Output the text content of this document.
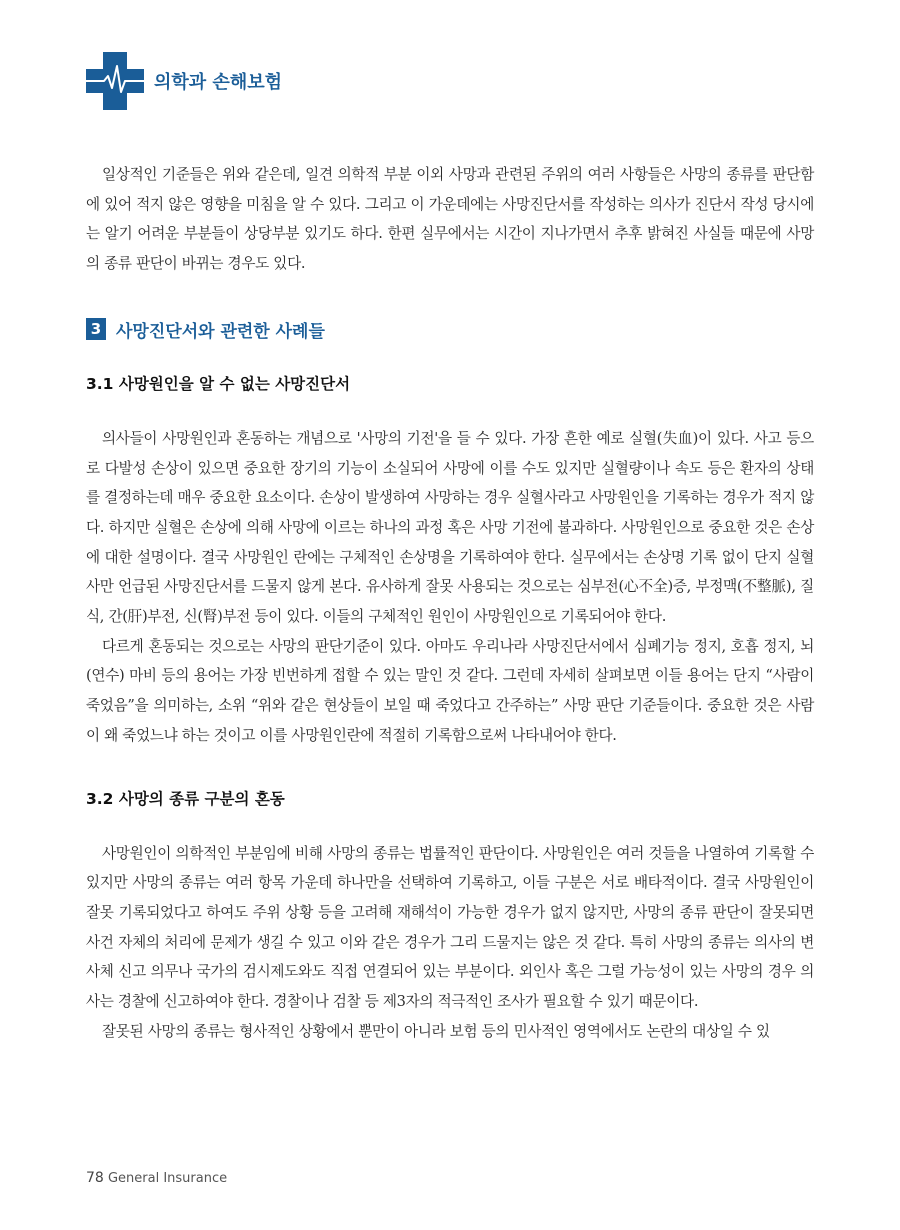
의학과 손해보험

일상적인 기준들은 위와 같은데, 일견 의학적 부분 이외 사망과 관련된 주위의 여러 사항들은 사망의 종류를 판단함에 있어 적지 않은 영향을 미침을 알 수 있다. 그리고 이 가운데에는 사망진단서를 작성하는 의사가 진단서 작성 당시에는 알기 어려운 부분들이 상당부분 있기도 하다. 한편 실무에서는 시간이 지나가면서 추후 밝혀진 사실들 때문에 사망의 종류 판단이 바뀌는 경우도 있다.

3 사망진단서와 관련한 사례들
3.1 사망원인을 알 수 없는 사망진단서

의사들이 사망원인과 혼동하는 개념으로 '사망의 기전'을 들 수 있다. 가장 흔한 예로 실혈(失血)이 있다. 사고 등으로 다발성 손상이 있으면 중요한 장기의 기능이 소실되어 사망에 이를 수도 있지만 실혈량이나 속도 등은 환자의 상태를 결정하는데 매우 중요한 요소이다. 손상이 발생하여 사망하는 경우 실혈사라고 사망원인을 기록하는 경우가 적지 않다. 하지만 실혈은 손상에 의해 사망에 이르는 하나의 과정 혹은 사망 기전에 불과하다. 사망원인으로 중요한 것은 손상에 대한 설명이다. 결국 사망원인 란에는 구체적인 손상명을 기록하여야 한다. 실무에서는 손상명 기록 없이 단지 실혈사만 언급된 사망진단서를 드물지 않게 본다. 유사하게 잘못 사용되는 것으로는 심부전(心不全)증, 부정맥(不整脈), 질식, 간(肝)부전, 신(腎)부전 등이 있다. 이들의 구체적인 원인이 사망원인으로 기록되어야 한다.

다르게 혼동되는 것으로는 사망의 판단기준이 있다. 아마도 우리나라 사망진단서에서 심폐기능 정지, 호흡 정지, 뇌 (연수) 마비 등의 용어는 가장 빈번하게 접할 수 있는 말인 것 같다. 그런데 자세히 살펴보면 이들 용어는 단지 “사람이 죽었음”을 의미하는, 소위 “위와 같은 현상들이 보일 때 죽었다고 간주하는” 사망 판단 기준들이다. 중요한 것은 사람이 왜 죽었느냐 하는 것이고 이를 사망원인란에 적절히 기록함으로써 나타내어야 한다.

3.2 사망의 종류 구분의 혼동

사망원인이 의학적인 부분임에 비해 사망의 종류는 법률적인 판단이다. 사망원인은 여러 것들을 나열하여 기록할 수 있지만 사망의 종류는 여러 항목 가운데 하나만을 선택하여 기록하고, 이들 구분은 서로 배타적이다. 결국 사망원인이 잘못 기록되었다고 하여도 주위 상황 등을 고려해 재해석이 가능한 경우가 없지 않지만, 사망의 종류 판단이 잘못되면 사건 자체의 처리에 문제가 생길 수 있고 이와 같은 경우가 그리 드물지는 않은 것 같다. 특히 사망의 종류는 의사의 변사체 신고 의무나 국가의 검시제도와도 직접 연결되어 있는 부분이다. 외인사 혹은 그럴 가능성이 있는 사망의 경우 의사는 경찰에 신고하여야 한다. 경찰이나 검찰 등 제3자의 적극적인 조사가 필요할 수 있기 때문이다.

잘못된 사망의 종류는 형사적인 상황에서 뿐만이 아니라 보험 등의 민사적인 영역에서도 논란의 대상일 수 있

78 General Insurance
